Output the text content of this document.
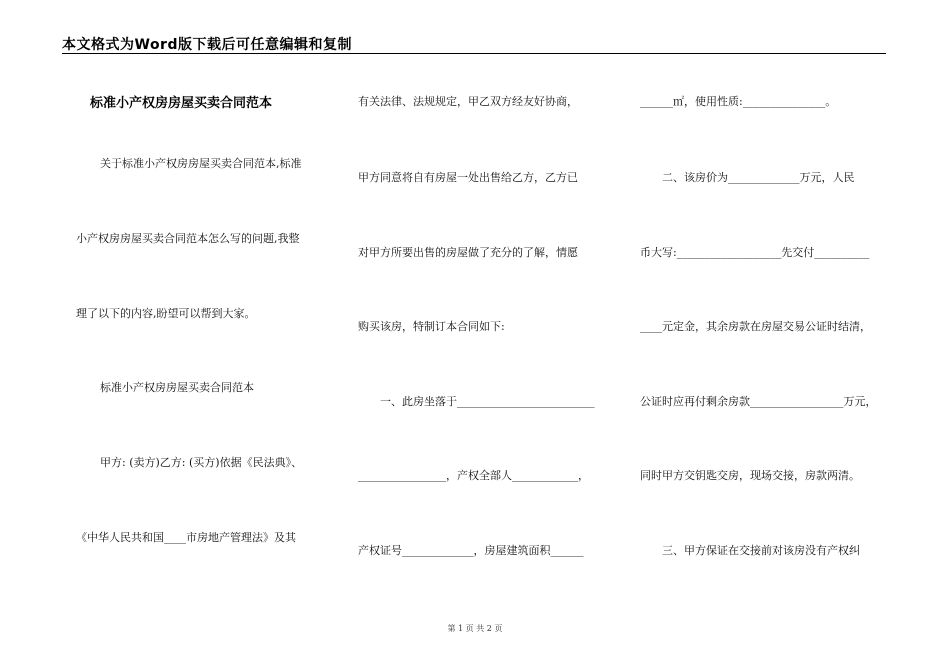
本文格式为Word版下载后可任意编辑和复制
标准小产权房房屋买卖合同范本
关于标准小产权房房屋买卖合同范本,标准
小产权房房屋买卖合同范本怎么写的问题,我整
理了以下的内容,盼望可以帮到大家。
标准小产权房房屋买卖合同范本
甲方: (卖方)乙方: (买方)依据《民法典》、
《中华人民共和国____市房地产管理法》及其
有关法律、法规规定，甲乙双方经友好协商，
甲方同意将自有房屋一处出售给乙方，乙方已
对甲方所要出售的房屋做了充分的了解，情愿
购买该房，特制订本合同如下:
一、此房坐落于_________________________
________________，产权全部人____________，
产权证号_____________，房屋建筑面积______
______㎡，使用性质:_______________。
二、该房价为_____________万元，人民
币大写:___________________先交付__________
____元定金，其余房款在房屋交易公证时结清，
公证时应再付剩余房款_________________万元，
同时甲方交钥匙交房，现场交接，房款两清。
三、甲方保证在交接前对该房没有产权纠
第 1 页 共 2 页
